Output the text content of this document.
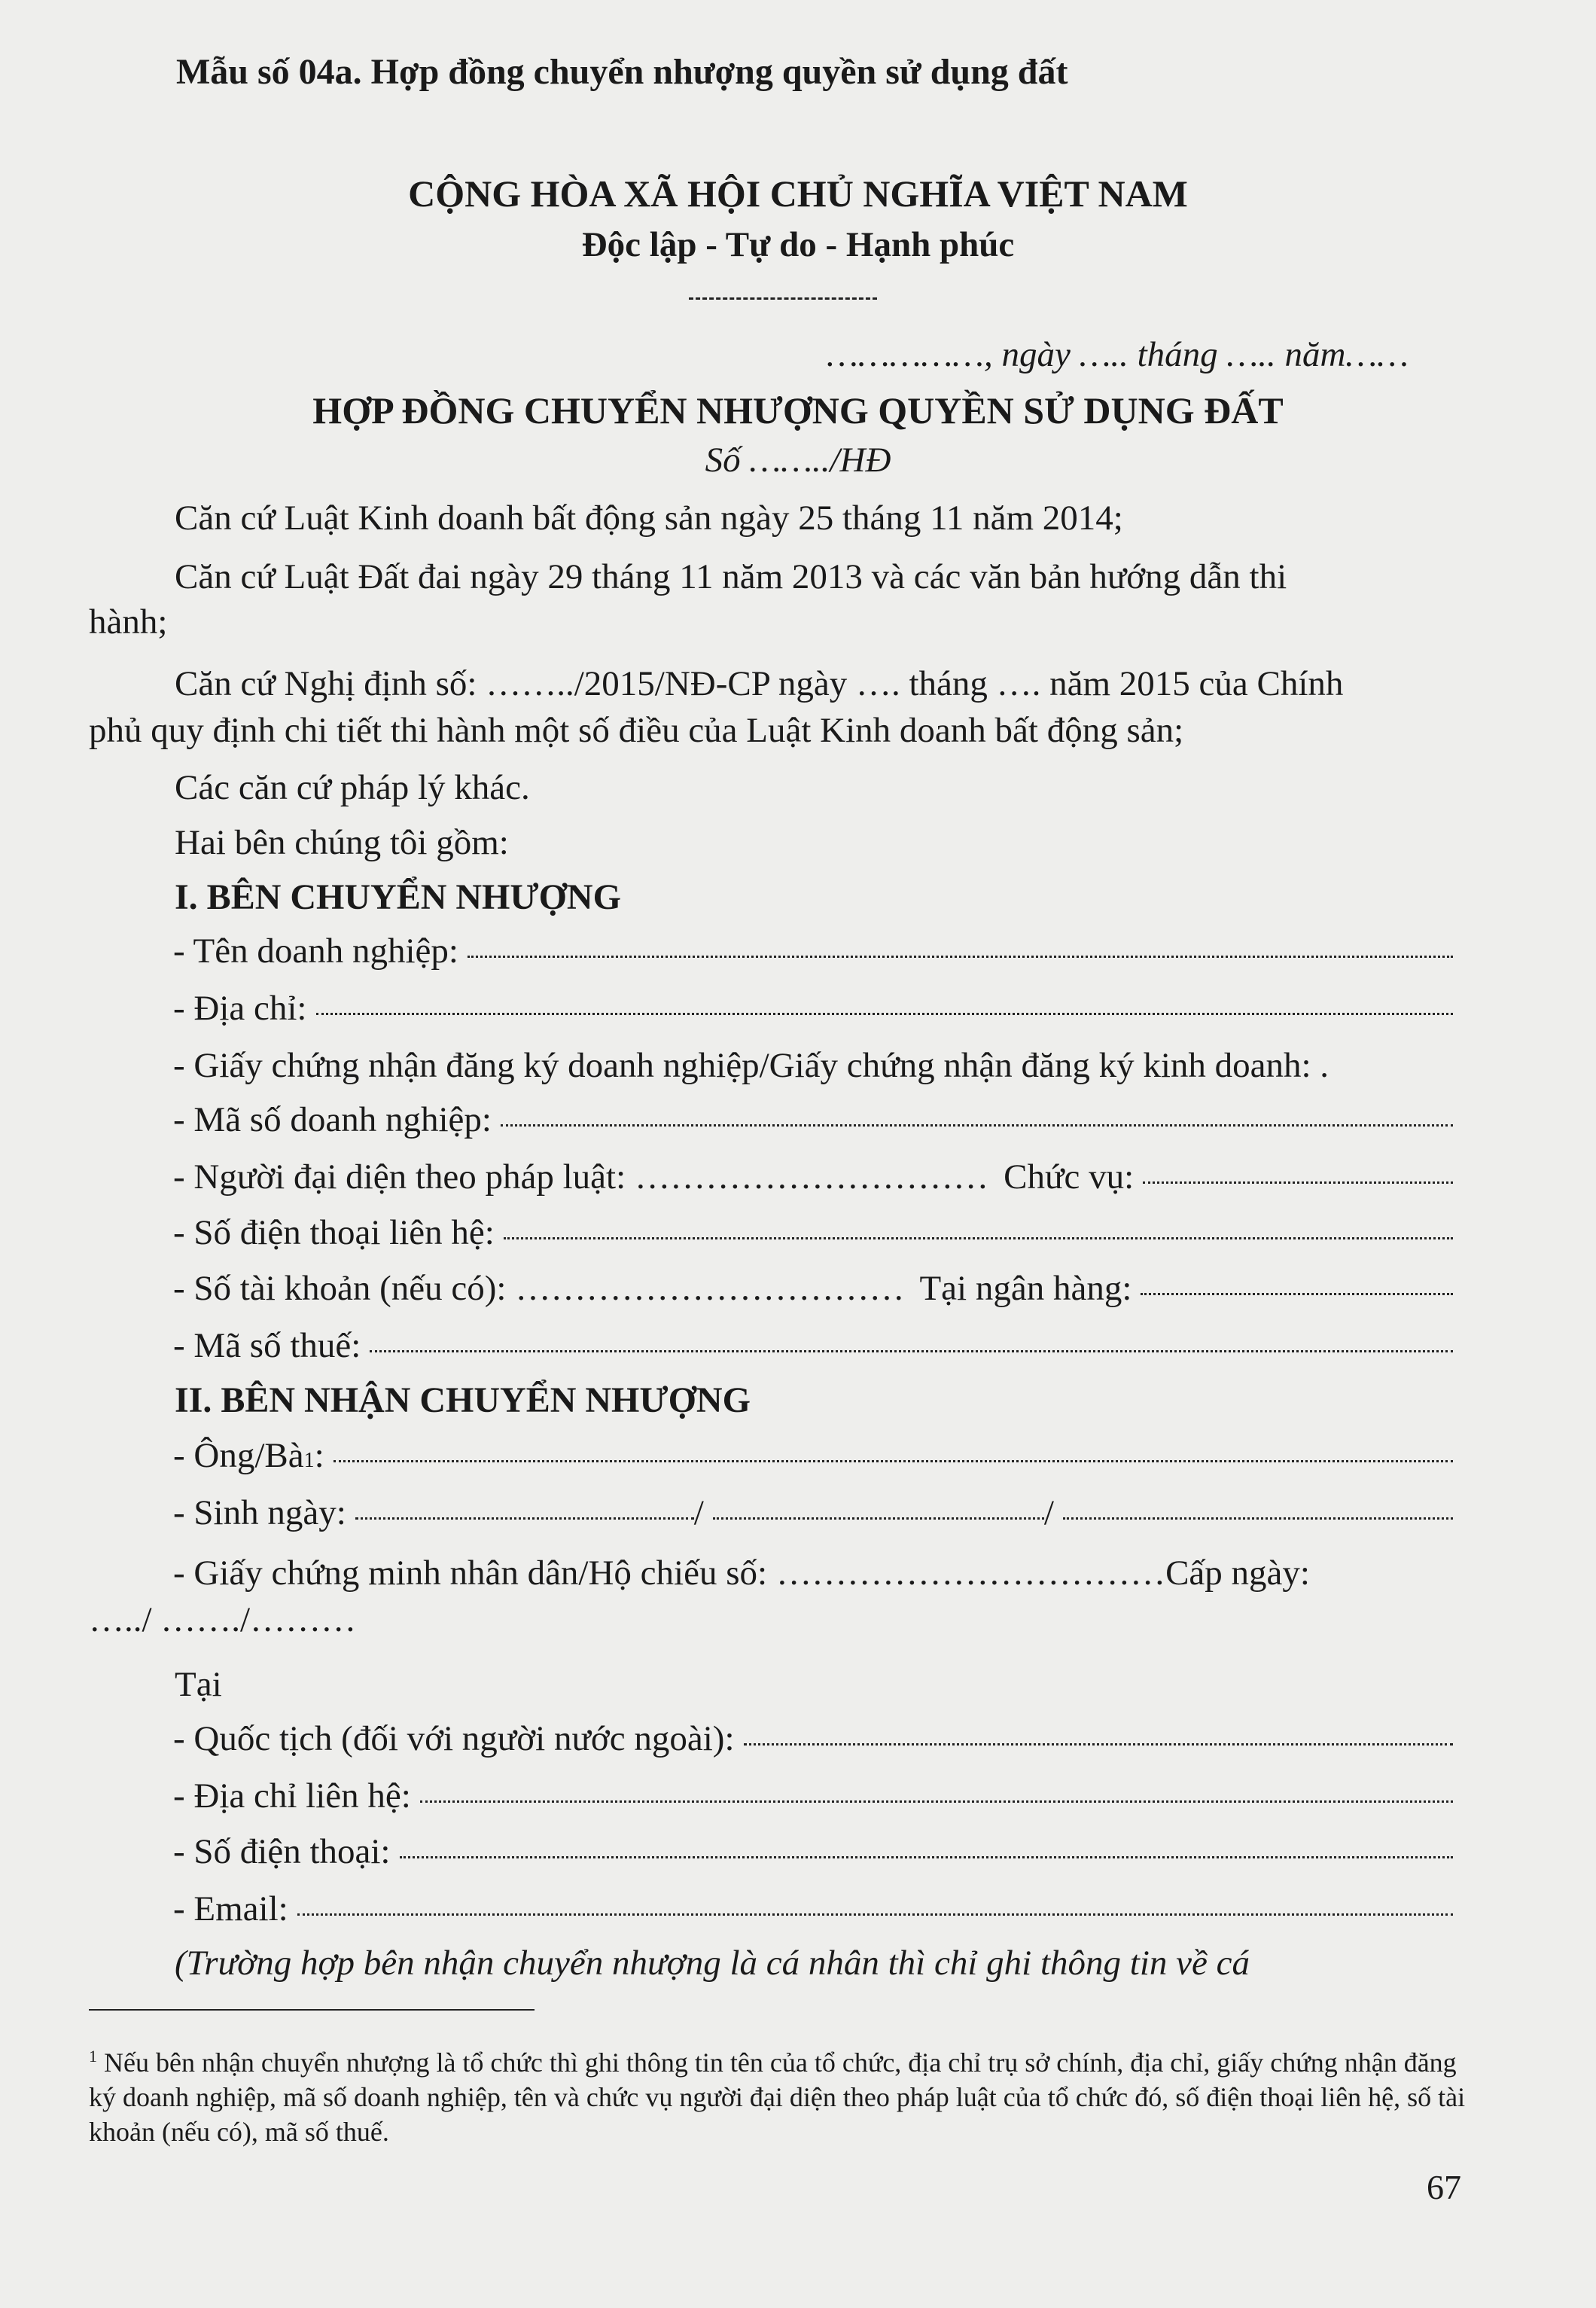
Mẫu số 04a. Hợp đồng chuyển nhượng quyền sử dụng đất
CỘNG HÒA XÃ HỘI CHỦ NGHĨA VIỆT NAM
Độc lập - Tự do - Hạnh phúc
……………, ngày ….. tháng ….. năm……
HỢP ĐỒNG CHUYỂN NHƯỢNG QUYỀN SỬ DỤNG ĐẤT
Số ……../HĐ
Căn cứ Luật Kinh doanh bất động sản ngày 25 tháng 11 năm 2014;
Căn cứ Luật Đất đai ngày 29 tháng 11 năm 2013 và các văn bản hướng dẫn thi
hành;
Căn cứ Nghị định số: ……../2015/NĐ-CP ngày …. tháng …. năm 2015 của Chính
phủ quy định chi tiết thi hành một số điều của Luật Kinh doanh bất động sản;
Các căn cứ pháp lý khác.
Hai bên chúng tôi gồm:
I. BÊN CHUYỂN NHƯỢNG
- Tên doanh nghiệp:
- Địa chỉ:
- Giấy chứng nhận đăng ký doanh nghiệp/Giấy chứng nhận đăng ký kinh doanh: .
- Mã số doanh nghiệp:
- Người đại diện theo pháp luật: ………………………… Chức vụ:
- Số điện thoại liên hệ:
- Số tài khoản (nếu có): …………………………… Tại ngân hàng:
- Mã số thuế:
II. BÊN NHẬN CHUYỂN NHƯỢNG
- Ông/Bà 1 :
- Sinh ngày:	/	/
- Giấy chứng minh nhân dân/Hộ chiếu số: …………………………… Cấp ngày:
…../ ……./………
Tại
- Quốc tịch (đối với người nước ngoài):
- Địa chỉ liên hệ:
- Số điện thoại:
- Email:
(Trường hợp bên nhận chuyển nhượng là cá nhân thì chỉ ghi thông tin về cá
$^1$ Nếu bên nhận chuyển nhượng là tổ chức thì ghi thông tin tên của tổ chức, địa chỉ trụ sở chính, địa chỉ, giấy chứng nhận đăng ký doanh nghiệp, mã số doanh nghiệp, tên và chức vụ người đại diện theo pháp luật của tổ chức đó, số điện thoại liên hệ, số tài khoản (nếu có), mã số thuế.
67
